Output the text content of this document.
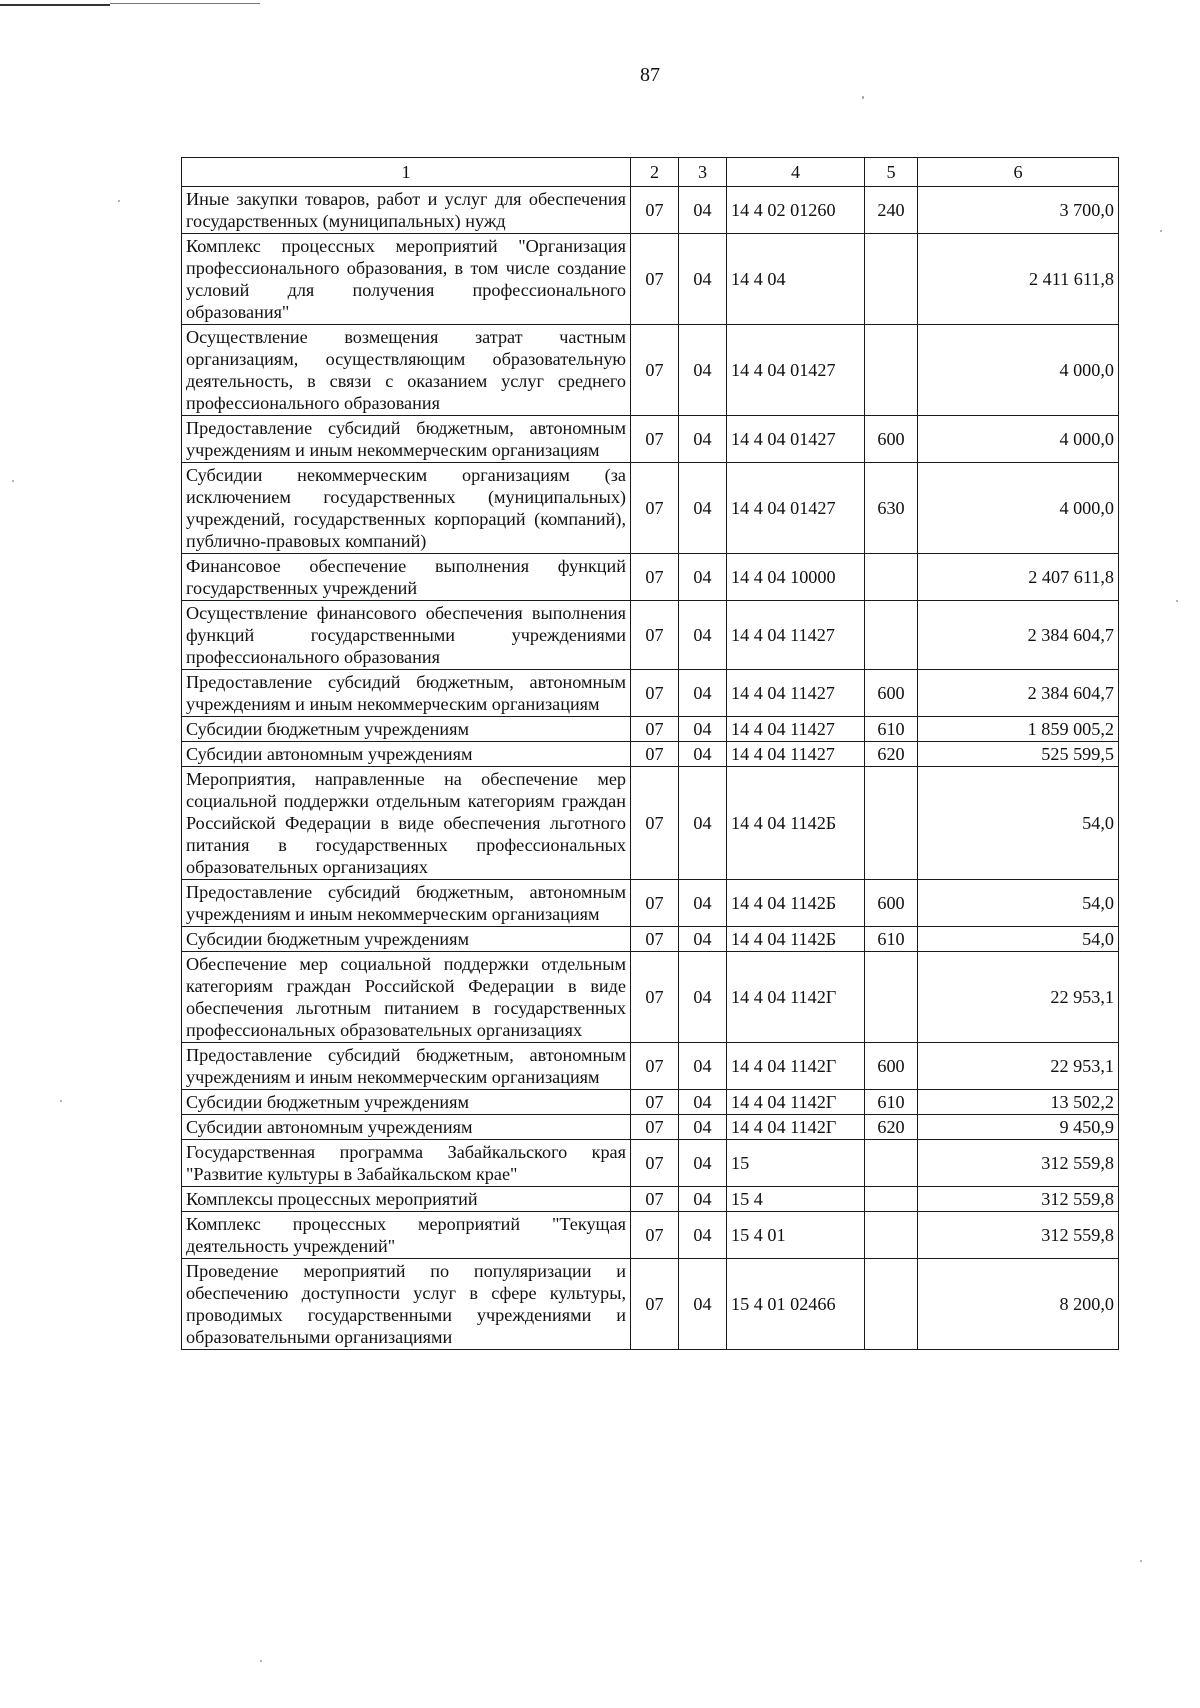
87
1	2	3	4	5	6
Иные закупки товаров, работ и услуг для обеспечения государственных (муниципальных) нужд	07	04	14 4 02 01260	240	3 700,0
Комплекс процессных мероприятий "Организация профессионального образования, в том числе создание условий для получения профессионального образования"	07	04	14 4 04		2 411 611,8
Осуществление возмещения затрат частным организациям, осуществляющим образовательную деятельность, в связи с оказанием услуг среднего профессионального образования	07	04	14 4 04 01427		4 000,0
Предоставление субсидий бюджетным, автономным учреждениям и иным некоммерческим организациям	07	04	14 4 04 01427	600	4 000,0
Субсидии некоммерческим организациям (за исключением государственных (муниципальных) учреждений, государственных корпораций (компаний), публично-правовых компаний)	07	04	14 4 04 01427	630	4 000,0
Финансовое обеспечение выполнения функций государственных учреждений	07	04	14 4 04 10000		2 407 611,8
Осуществление финансового обеспечения выполнения функций государственными учреждениями профессионального образования	07	04	14 4 04 11427		2 384 604,7
Предоставление субсидий бюджетным, автономным учреждениям и иным некоммерческим организациям	07	04	14 4 04 11427	600	2 384 604,7
Субсидии бюджетным учреждениям	07	04	14 4 04 11427	610	1 859 005,2
Субсидии автономным учреждениям	07	04	14 4 04 11427	620	525 599,5
Мероприятия, направленные на обеспечение мер социальной поддержки отдельным категориям граждан Российской Федерации в виде обеспечения льготного питания в государственных профессиональных образовательных организациях	07	04	14 4 04 1142Б		54,0
Предоставление субсидий бюджетным, автономным учреждениям и иным некоммерческим организациям	07	04	14 4 04 1142Б	600	54,0
Субсидии бюджетным учреждениям	07	04	14 4 04 1142Б	610	54,0
Обеспечение мер социальной поддержки отдельным категориям граждан Российской Федерации в виде обеспечения льготным питанием в государственных профессиональных образовательных организациях	07	04	14 4 04 1142Г		22 953,1
Предоставление субсидий бюджетным, автономным учреждениям и иным некоммерческим организациям	07	04	14 4 04 1142Г	600	22 953,1
Субсидии бюджетным учреждениям	07	04	14 4 04 1142Г	610	13 502,2
Субсидии автономным учреждениям	07	04	14 4 04 1142Г	620	9 450,9
Государственная программа Забайкальского края "Развитие культуры в Забайкальском крае"	07	04	15		312 559,8
Комплексы процессных мероприятий	07	04	15 4		312 559,8
Комплекс процессных мероприятий "Текущая деятельность учреждений"	07	04	15 4 01		312 559,8
Проведение мероприятий по популяризации и обеспечению доступности услуг в сфере культуры, проводимых государственными учреждениями и образовательными организациями	07	04	15 4 01 02466		8 200,0
